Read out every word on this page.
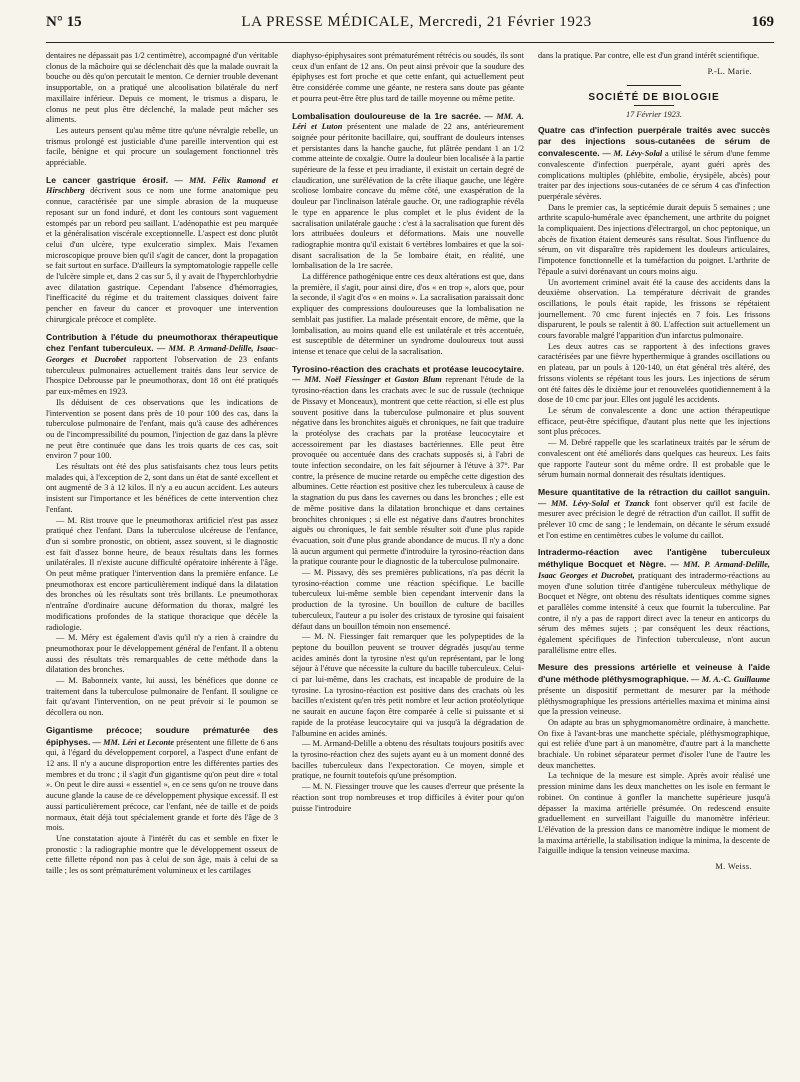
N° 15	LA PRESSE MÉDICALE, Mercredi, 21 Février 1923	169

dentaires ne dépassait pas 1/2 centimètre), accompagné d'un véritable clonus de la mâchoire qui se déclenchait dès que la malade ouvrait la bouche ou dès qu'on percutait le menton. Ce dernier trouble devenant insupportable, on a pratiqué une alcoolisation bilatérale du nerf maxillaire inférieur. Depuis ce moment, le trismus a disparu, le clonus ne peut plus être déclenché, la malade peut mâcher ses aliments.

Les auteurs pensent qu'au même titre qu'une névralgie rebelle, un trismus prolongé est justiciable d'une pareille intervention qui est facile, bénigne et qui procure un soulagement fonctionnel très appréciable.

Le cancer gastrique érosif. — MM. Félix Ramond et Hirschberg décrivent sous ce nom une forme anatomique peu connue, caractérisée par une simple abrasion de la muqueuse reposant sur un fond induré, et dont les contours sont vaguement estompés par un rebord peu saillant. L'adénopathie est peu marquée et la généralisation viscérale exceptionnelle. L'aspect est donc plutôt celui d'un ulcère, type exulceratio simplex. Mais l'examen microscopique prouve bien qu'il s'agit de cancer, dont la propagation se fait surtout en surface. D'ailleurs la symptomatologie rappelle celle de l'ulcère simple et, dans 2 cas sur 5, il y avait de l'hyperchlorhydrie avec dilatation gastrique. Cependant l'absence d'hémorragies, l'inefficacité du régime et du traitement classiques doivent faire pencher en faveur du cancer et provoquer une intervention chirurgicale précoce et complète.

Contribution à l'étude du pneumothorax thérapeutique chez l'enfant tuberculeux. — MM. P. Armand-Delille, Isaac-Georges et Ducrobet rapportent l'observation de 23 enfants tuberculeux pulmonaires actuellement traités dans leur service de l'hospice Debrousse par le pneumothorax, dont 18 ont été pratiqués par eux-mêmes en 1923.

Ils déduisent de ces observations que les indications de l'intervention se posent dans près de 10 pour 100 des cas, dans la tuberculose pulmonaire de l'enfant, mais qu'à cause des adhérences ou de l'incompressibilité du poumon, l'injection de gaz dans la plèvre ne peut être continuée que dans les trois quarts de ces cas, soit environ 7 pour 100.

Les résultats ont été des plus satisfaisants chez tous leurs petits malades qui, à l'exception de 2, sont dans un état de santé excellent et ont augmenté de 3 à 12 kilos. Il n'y a eu aucun accident. Les auteurs insistent sur l'importance et les bénéfices de cette intervention chez l'enfant.

— M. Rist trouve que le pneumothorax artificiel n'est pas assez pratiqué chez l'enfant. Dans la tuberculose ulcéreuse de l'enfance, d'un si sombre pronostic, on obtient, assez souvent, si le diagnostic est fait d'assez bonne heure, de beaux résultats dans les formes unilatérales. Il n'existe aucune difficulté opératoire inhérente à l'âge. On peut même pratiquer l'intervention dans la première enfance. Le pneumothorax est encore particulièrement indiqué dans la dilatation des bronches où les résultats sont très brillants. Le pneumothorax n'entraîne d'ordinaire aucune déformation du thorax, malgré les modifications profondes de la statique thoracique que décèle la radiologie.

— M. Méry est également d'avis qu'il n'y a rien à craindre du pneumothorax pour le développement général de l'enfant. Il a obtenu aussi des résultats très remarquables de cette méthode dans la dilatation des bronches.

— M. Babonneix vante, lui aussi, les bénéfices que donne ce traitement dans la tuberculose pulmonaire de l'enfant. Il souligne ce fait qu'avant l'intervention, on ne peut prévoir si le poumon se décollera ou non.

Gigantisme précoce; soudure prématurée des épiphyses. — MM. Léri et Leconte présentent une fillette de 6 ans qui, à l'égard du développement corporel, a l'aspect d'une enfant de 12 ans. Il n'y a aucune disproportion entre les différentes parties des membres et du tronc ; il s'agit d'un gigantisme qu'on peut dire « total ». On peut le dire aussi « essentiel », en ce sens qu'on ne trouve dans aucune glande la cause de ce développement physique excessif. Il est aussi particulièrement précoce, car l'enfant, née de taille et de poids normaux, était déjà tout spécialement grande et forte dès l'âge de 3 mois.

Une constatation ajoute à l'intérêt du cas et semble en fixer le pronostic : la radiographie montre que le développement osseux de cette fillette répond non pas à celui de son âge, mais à celui de sa taille ; les os sont prématurément volumineux et les cartilages

diaphyso-épiphysaires sont prématurément rétrécis ou soudés, ils sont ceux d'un enfant de 12 ans. On peut ainsi prévoir que la soudure des épiphyses est fort proche et que cette enfant, qui actuellement peut être considérée comme une géante, ne restera sans doute pas géante et pourra peut-être être plus tard de taille moyenne ou même petite.

Lombalisation douloureuse de la 1re sacrée. — MM. A. Léri et Luton présentent une malade de 22 ans, antérieurement soignée pour péritonite bacillaire, qui, souffrant de douleurs intenses et persistantes dans la hanche gauche, fut plâtrée pendant 1 an 1/2 comme atteinte de coxalgie. Outre la douleur bien localisée à la partie supérieure de la fesse et peu irradiante, il existait un certain degré de claudication, une surélévation de la crête iliaque gauche, une légère scoliose lombaire concave du même côté, une exaspération de la douleur par l'inclinaison latérale gauche. Or, une radiographie révéla le type en apparence le plus complet et le plus évident de la sacralisation unilatérale gauche : c'est à la sacralisation que furent dès lors attribuées douleurs et déformations. Mais une nouvelle radiographie montra qu'il existait 6 vertèbres lombaires et que la soi-disant sacralisation de la 5e lombaire était, en réalité, une lombalisation de la 1re sacrée.

La différence pathogénique entre ces deux altérations est que, dans la première, il s'agit, pour ainsi dire, d'os « en trop », alors que, pour la seconde, il s'agit d'os « en moins ». La sacralisation paraissait donc expliquer des compressions douloureuses que la lombalisation ne semblait pas justifier. La malade présentait encore, de même, que la lombalisation, au moins quand elle est unilatérale et très accentuée, est susceptible de déterminer un syndrome douloureux tout aussi intense et tenace que celui de la sacralisation.

Tyrosino-réaction des crachats et protéase leucocytaire. — MM. Noël Fiessinger et Gaston Blum reprenant l'étude de la tyrosino-réaction dans les crachats avec le suc de russule (technique de Pissavy et Monceaux), montrent que cette réaction, si elle est plus souvent positive dans la tuberculose pulmonaire et plus souvent négative dans les bronchites aiguës et chroniques, ne fait que traduire la protéolyse des crachats par la protéase leucocytaire et accessoirement par les diastases bactériennes. Elle peut être provoquée ou accentuée dans des crachats supposés si, à l'abri de toute infection secondaire, on les fait séjourner à l'étuve à 37°. Par contre, la présence de mucine retarde ou empêche cette digestion des albumines. Cette réaction est positive chez les tuberculeux à cause de la stagnation du pus dans les cavernes ou dans les bronches ; elle est de même positive dans la dilatation bronchique et dans certaines bronchites chroniques ; si elle est négative dans d'autres bronchites aiguës ou chroniques, le fait semble résulter soit d'une plus rapide évacuation, soit d'une plus grande abondance de mucus. Il n'y a donc là aucun argument qui permette d'introduire la tyrosino-réaction dans la pratique courante pour le diagnostic de la tuberculose pulmonaire.

— M. Pissavy, dès ses premières publications, n'a pas décrit la tyrosino-réaction comme une réaction spécifique. Le bacille tuberculeux lui-même semble bien cependant intervenir dans la production de la tyrosine. Un bouillon de culture de bacilles tuberculeux, l'auteur a pu isoler des cristaux de tyrosine qui faisaient défaut dans un bouillon témoin non ensemencé.

— M. N. Fiessinger fait remarquer que les polypeptides de la peptone du bouillon peuvent se trouver dégradés jusqu'au terme acides aminés dont la tyrosine n'est qu'un représentant, par le long séjour à l'étuve que nécessite la culture du bacille tuberculeux. Celui-ci par lui-même, dans les crachats, est incapable de produire de la tyrosine. La tyrosino-réaction est positive dans des crachats où les bacilles n'existent qu'en très petit nombre et leur action protéolytique ne saurait en aucune façon être comparée à celle si puissante et si rapide de la protéase leucocytaire qui va jusqu'à la dégradation de l'albumine en acides aminés.

— M. Armand-Delille a obtenu des résultats toujours positifs avec la tyrosino-réaction chez des sujets ayant eu à un moment donné des bacilles tuberculeux dans l'expectoration. Ce moyen, simple et pratique, ne fournit toutefois qu'une présomption.

— M. N. Fiessinger trouve que les causes d'erreur que présente la réaction sont trop nombreuses et trop difficiles à éviter pour qu'on puisse l'introduire

dans la pratique. Par contre, elle est d'un grand intérêt scientifique.

P.-L. Marie.
SOCIÉTÉ DE BIOLOGIE
17 Février 1923.

Quatre cas d'infection puerpérale traités avec succès par des injections sous-cutanées de sérum de convalescente. — M. Lévy-Solal a utilisé le sérum d'une femme convalescente d'infection puerpérale, ayant guéri après des complications multiples (phlébite, embolie, érysipèle, abcès) pour traiter par des injections sous-cutanées de ce sérum 4 cas d'infection puerpérale sévères.

Dans le premier cas, la septicémie durait depuis 5 semaines ; une arthrite scapulo-humérale avec épanchement, une arthrite du poignet la compliquaient. Des injections d'électrargol, un choc peptonique, un abcès de fixation étaient demeurés sans résultat. Sous l'influence du sérum, on vit disparaître très rapidement les douleurs articulaires, l'impotence fonctionnelle et la tuméfaction du poignet. L'arthrite de l'épaule a suivi dorénavant un cours moins aigu.

Un avortement criminel avait été la cause des accidents dans la deuxième observation. La température décrivait de grandes oscillations, le pouls était rapide, les frissons se répétaient journellement. 70 cmc furent injectés en 7 fois. Les frissons disparurent, le pouls se ralentit à 80. L'affection suit actuellement un cours favorable malgré l'apparition d'un infarctus pulmonaire.

Les deux autres cas se rapportent à des infections graves caractérisées par une fièvre hyperthermique à grandes oscillations ou en plateau, par un pouls à 120-140, un état général très altéré, des frissons violents se répétant tous les jours. Les injections de sérum ont été faites dès le dixième jour et renouvelées quotidiennement à la dose de 10 cmc par jour. Elles ont jugulé les accidents.

Le sérum de convalescente a donc une action thérapeutique efficace, peut-être spécifique, d'autant plus nette que les injections sont plus précoces.

— M. Debré rappelle que les scarlatineux traités par le sérum de convalescent ont été améliorés dans quelques cas heureux. Les faits que rapporte l'auteur sont du même ordre. Il est probable que le sérum humain normal donnerait des résultats identiques.

Mesure quantitative de la rétraction du caillot sanguin. — MM. Lévy-Solal et Tzanck font observer qu'il est facile de mesurer avec précision le degré de rétraction d'un caillot. Il suffit de prélever 10 cmc de sang ; le lendemain, on décante le sérum exsudé et l'on estime en centimètres cubes le volume du caillot.

Intradermo-réaction avec l'antigène tuberculeux méthylique Bocquet et Nègre. — MM. P. Armand-Delille, Isaac Georges et Ducrobet, pratiquant des intradermo-réactions au moyen d'une solution titrée d'antigène tuberculeux méthylique de Bocquet et Nègre, ont obtenu des résultats identiques comme signes et parallèles comme intensité à ceux que fournit la tuberculine. Par contre, il n'y a pas de rapport direct avec la teneur en anticorps du sérum des mêmes sujets ; par conséquent les deux réactions, également spécifiques de l'infection tuberculeuse, n'ont aucun parallélisme entre elles.

Mesure des pressions artérielle et veineuse à l'aide d'une méthode pléthysmographique. — M. A.-C. Guillaume présente un dispositif permettant de mesurer par la méthode pléthysmographique les pressions artérielles maxima et minima ainsi que la pression veineuse.

On adapte au bras un sphygmomanomètre ordinaire, à manchette. On fixe à l'avant-bras une manchette spéciale, pléthysmographique, qui est reliée d'une part à un manomètre, d'autre part à la manchette brachiale. Un robinet séparateur permet d'isoler l'une de l'autre les deux manchettes.

La technique de la mesure est simple. Après avoir réalisé une pression minime dans les deux manchettes on les isole en fermant le robinet. On continue à gonfler la manchette supérieure jusqu'à dépasser la maxima artérielle présumée. On redescend ensuite graduellement en surveillant l'aiguille du manomètre inférieur. L'élévation de la pression dans ce manomètre indique le moment de la maxima artérielle, la stabilisation indique la minima, la descente de l'aiguille indique la tension veineuse maxima.

M. Weiss.
